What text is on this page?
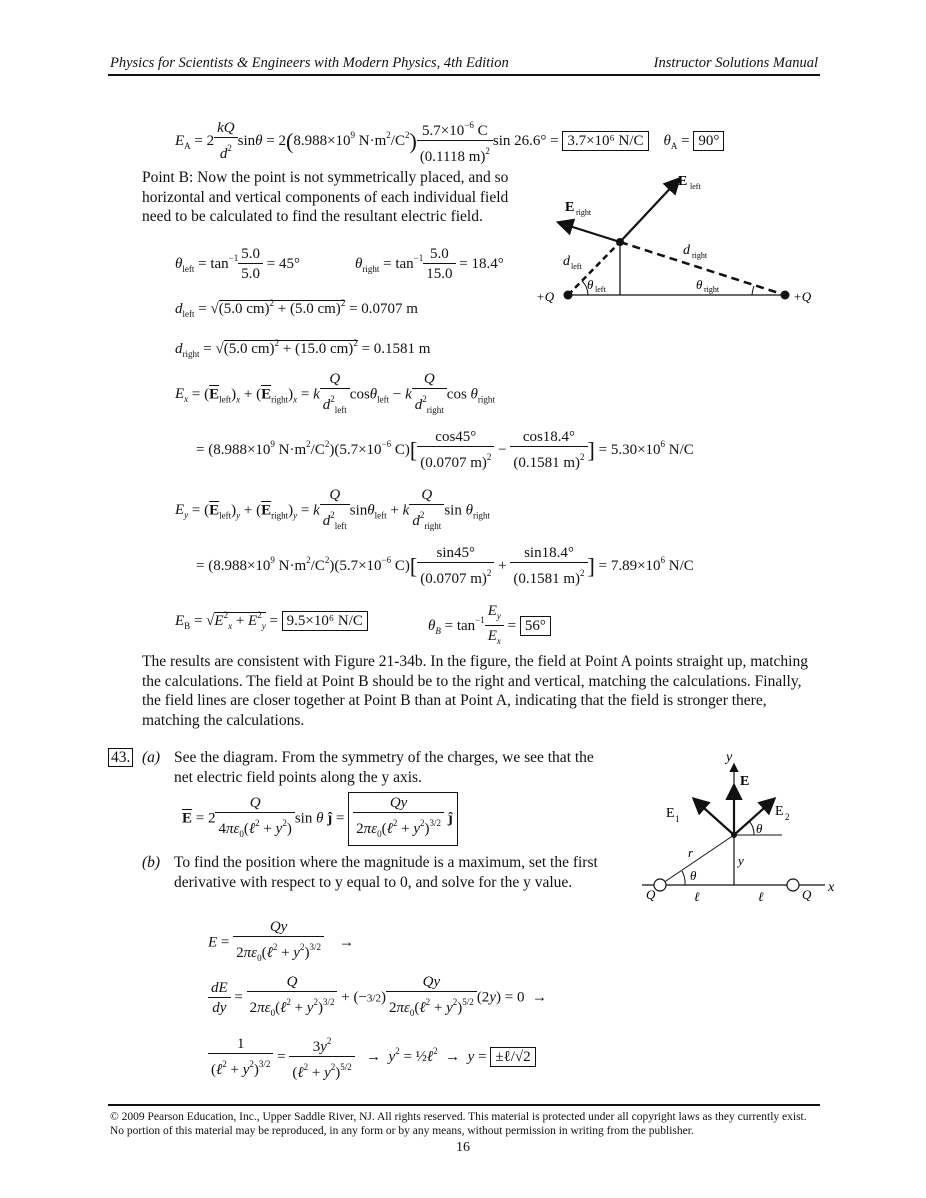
Physics for Scientists & Engineers with Modern Physics, 4th Edition	Instructor Solutions Manual
$E_A = 2 \frac{kQ}{d^2}$ $\sin\theta = 2(8.988\times 10^9$ $N\cdot m^2/C^2) \frac{5.7\times 10^{-6} C}{(0.1118 m)^2}$ sin 26.6° = 3.7×10⁶ N/C $\theta_A = 90^\circ$
Point B: Now the point is not symmetrically placed, and so horizontal and vertical components of each individual field need to be calculated to find the resultant electric field.
E left
E right
d left
d right
θ left	θ right
+Q	+Q
$\theta_{left} = \tan^{-1} \frac{5.0}{5.0} = 45^\circ$	$\theta_{right} = \tan^{-1} \frac{5.0}{15.0} = 18.4^\circ$
$d_{left} = √(5.0$ cm)$^2$ + (5.0 cm)$^2$ = 0.0707 m
$d_{right} = √(5.0$ cm)$^2$ + (15.0 cm)$^2$ = 0.1581 m
$E_x = (\overline{E}_{left})_x + (\overline{E}_{right})_x = k \frac{Q}{d^2_{left}} \cos\theta_{left} - k \frac{Q}{d^2_{right}}$ $\cos \theta_{right}$
= ($8.988\times 10^9$ $N\cdot m^2/C^2)(5.7\times 10^{-6}$ $C)[ \frac{\cos 45^\circ}{(0.0707 m)^2} - \frac{\cos 18.4^\circ}{(0.1581 m)^2}$ ] = $5.30\times 10^6$ N/C
$E_y = (\overline{E}_{left})_y + (\overline{E}_{right})_y = k \frac{Q}{d^2_{left}} \sin\theta_{left} + k \frac{Q}{d^2_{right}}$ $\sin \theta_{right}$
= ($8.988\times 10^9$ $N\cdot m^2/C^2)(5.7\times 10^{-6}$ $C)[ \frac{\sin 45^\circ}{(0.0707 m)^2} + \frac{\sin 18.4^\circ}{(0.1581 m)^2}$ ] = $7.89\times 10^6$ N/C
$E_B = √E^2_x + E^2_y = 9.5\times 10^6$ N/C	$\theta_B = \tan^{-1} \frac{E_y}{E_x} = 56^\circ$
The results are consistent with Figure 21-34b. In the figure, the field at Point A points straight up, matching the calculations. The field at Point B should be to the right and vertical, matching the calculations. Finally, the field lines are closer together at Point B than at Point A, indicating that the field is stronger there, matching the calculations.
43. (a) See the diagram. From the symmetry of the charges, we see that the net electric field points along the y axis.
$\overline{E} = 2 \frac{Q}{4\pi\varepsilon_0(\ell^2 + y^2)}$ sin θ ĵ = $\frac{Qy}{2\pi\varepsilon_0(\ell^2 + y^2)^{3/2}}$ ĵ
(b) To find the position where the magnitude is a maximum, set the first derivative with respect to y equal to 0, and solve for the y value.
$E = \frac{Qy}{2\pi\varepsilon_0(\ell^2 + y^2)^{3/2}}$ →
$\frac{dE}{dy} = \frac{Q}{2\pi\varepsilon_0(\ell^2 + y^2)^{3/2}} + (-3/2) \frac{Qy}{2\pi\varepsilon_0(\ell^2 + y^2)^{5/2}} (2y) = 0$  →
$\frac{1}{(\ell^2 + y^2)^{3/2}} = \frac{3y^2}{(\ell^2 + y^2)^{5/2}} \to y^2$ = ½ℓ$^2$  →  y = ±ℓ/√2
y
x
E
E 1	E 2
θ
θ
r
y
Q	Q
ℓ	ℓ
© 2009 Pearson Education, Inc., Upper Saddle River, NJ. All rights reserved. This material is protected under all copyright laws as they currently exist. No portion of this material may be reproduced, in any form or by any means, without permission in writing from the publisher.
16
